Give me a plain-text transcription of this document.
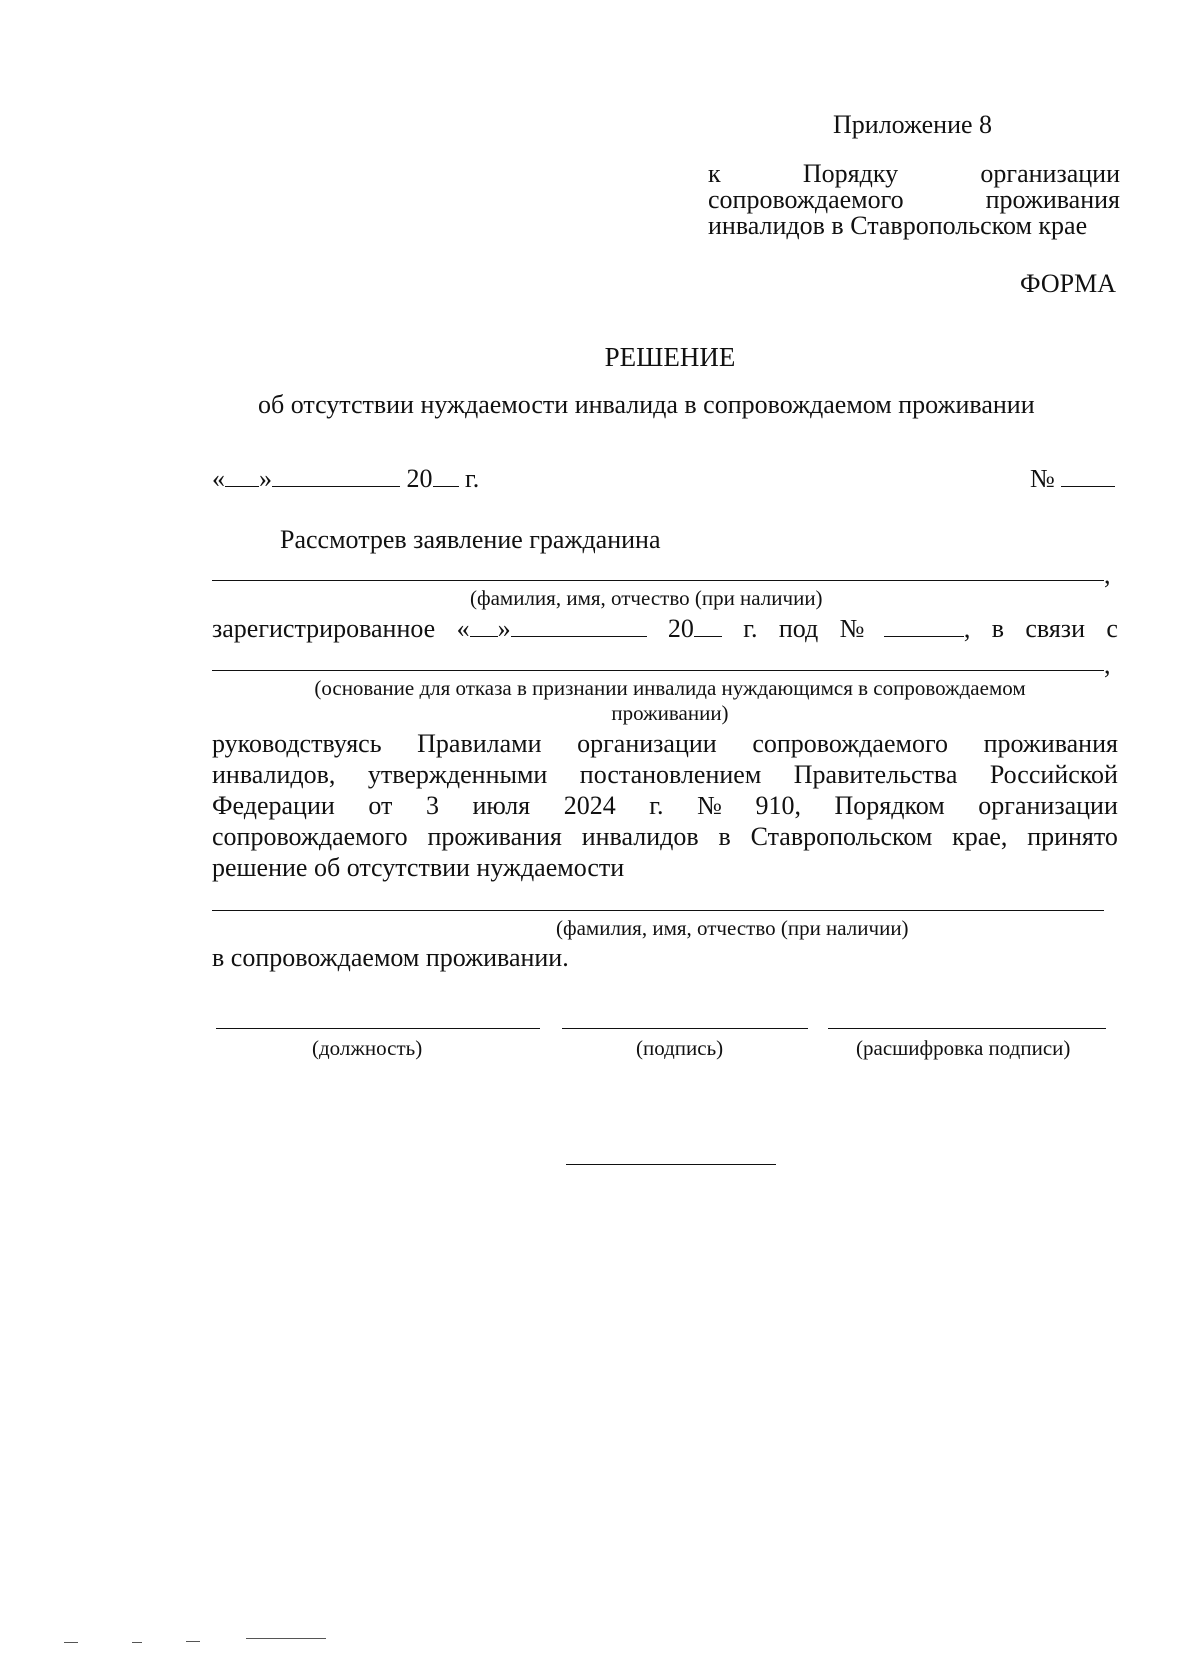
Приложение 8
к	Порядку	организации
сопровождаемого	проживания
инвалидов в Ставропольском крае
ФОРМА
РЕШЕНИЕ
об отсутствии нуждаемости инвалида в сопровождаемом проживании
« »	20 г.	№
Рассмотрев заявление гражданина
,
(фамилия, имя, отчество (при наличии)
зарегистрированное « »	20	г. под №	, в связи с
,
(основание для отказа в признании инвалида нуждающимся в сопровождаемом
проживании)
руководствуясь Правилами организации сопровождаемого проживания
инвалидов, утвержденными постановлением Правительства Российской
Федерации от 3 июля 2024 г. № 910, Порядком организации
сопровождаемого проживания инвалидов в Ставропольском крае, принято
решение об отсутствии нуждаемости
(фамилия, имя, отчество (при наличии)
в сопровождаемом проживании.
(должность)	(подпись)	(расшифровка подписи)
